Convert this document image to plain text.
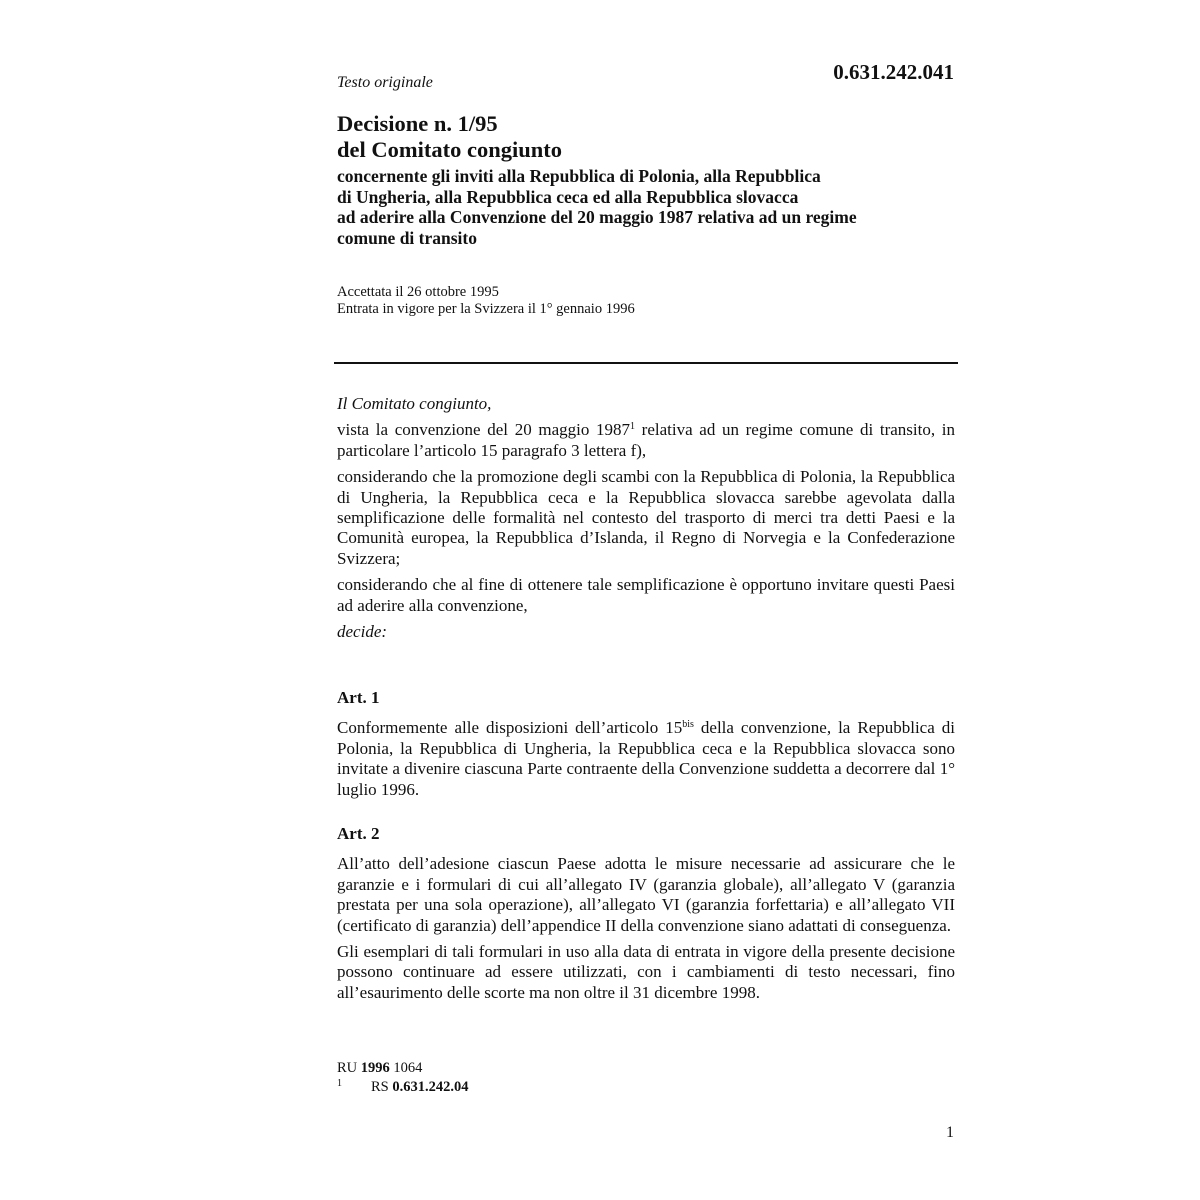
0.631.242.041
Testo originale
Decisione n. 1/95
del Comitato congiunto
concernente gli inviti alla Repubblica di Polonia, alla Repubblica
di Ungheria, alla Repubblica ceca ed alla Repubblica slovacca
ad aderire alla Convenzione del 20 maggio 1987 relativa ad un regime
comune di transito
Accettata il 26 ottobre 1995
Entrata in vigore per la Svizzera il 1° gennaio 1996

Il Comitato congiunto,

vista la convenzione del 20 maggio 1987$^1$ relativa ad un regime comune di transito, in particolare l’articolo 15 paragrafo 3 lettera f),

considerando che la promozione degli scambi con la Repubblica di Polonia, la Repubblica di Ungheria, la Repubblica ceca e la Repubblica slovacca sarebbe agevolata dalla semplificazione delle formalità nel contesto del trasporto di merci tra detti Paesi e la Comunità europea, la Repubblica d’Islanda, il Regno di Norvegia e la Confederazione Svizzera;

considerando che al fine di ottenere tale semplificazione è opportuno invitare questi Paesi ad aderire alla convenzione,

decide:

Art. 1

Conformemente alle disposizioni dell’articolo $15^{bis}$ della convenzione, la Repubblica di Polonia, la Repubblica di Ungheria, la Repubblica ceca e la Repubblica slovacca sono invitate a divenire ciascuna Parte contraente della Convenzione suddetta a decorrere dal 1° luglio 1996.

Art. 2

All’atto dell’adesione ciascun Paese adotta le misure necessarie ad assicurare che le garanzie e i formulari di cui all’allegato IV (garanzia globale), all’allegato V (garanzia prestata per una sola operazione), all’allegato VI (garanzia forfettaria) e all’allegato VII (certificato di garanzia) dell’appendice II della convenzione siano adattati di conseguenza.

Gli esemplari di tali formulari in uso alla data di entrata in vigore della presente decisione possono continuare ad essere utilizzati, con i cambiamenti di testo necessari, fino all’esaurimento delle scorte ma non oltre il 31 dicembre 1998.

RU 1996 1064
1	RS
0.631.242.04
1
